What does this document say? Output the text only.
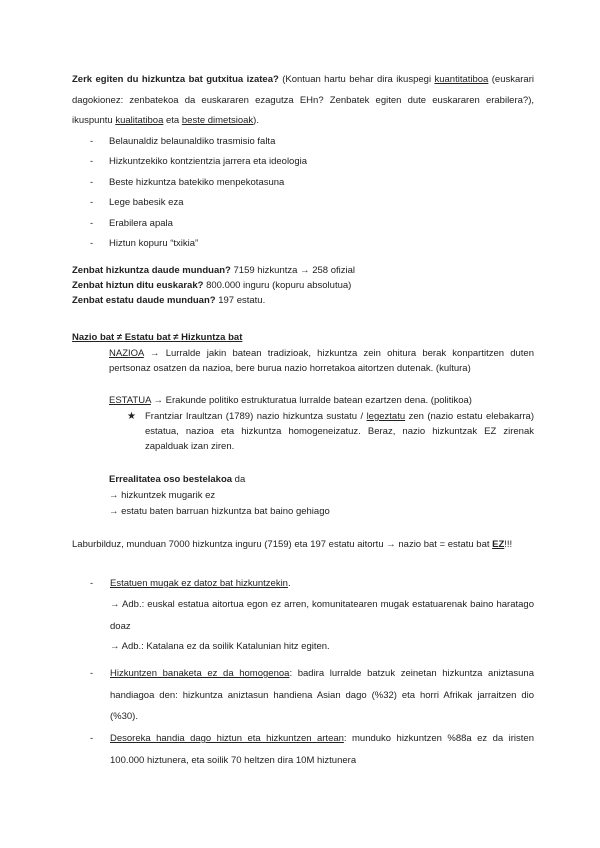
Zerk egiten du hizkuntza bat gutxitua izatea? (Kontuan hartu behar dira ikuspegi kuantitatiboa (euskarari dagokionez: zenbatekoa da euskararen ezagutza EHn? Zenbatek egiten dute euskararen erabilera?), ikuspuntu kualitatiboa eta beste dimetsioak).
- Belaunaldiz belaunaldiko trasmisio falta
- Hizkuntzekiko kontzientzia jarrera eta ideologia
- Beste hizkuntza batekiko menpekotasuna
- Lege babesik eza
- Erabilera apala
- Hiztun kopuru “txikia”
Zenbat hizkuntza daude munduan? 7159 hizkuntza → 258 ofizial
Zenbat hiztun ditu euskarak? 800.000 inguru (kopuru absolutua)
Zenbat estatu daude munduan? 197 estatu.
Nazio bat ≠ Estatu bat ≠ Hizkuntza bat
NAZIOA → Lurralde jakin batean tradizioak, hizkuntza zein ohitura berak konpartitzen duten pertsonaz osatzen da nazioa, bere burua nazio horretakoa aitortzen dutenak. (kultura)
ESTATUA → Erakunde politiko estrukturatua lurralde batean ezartzen dena. (politikoa)
★ Frantziar Iraultzan (1789) nazio hizkuntza sustatu / legeztatu zen (nazio estatu elebakarra) estatua, nazioa eta hizkuntza homogeneizatuz. Beraz, nazio hizkuntzak EZ zirenak zapalduak izan ziren.
Errealitatea oso bestelakoa da
→ hizkuntzek mugarik ez
→ estatu baten barruan hizkuntza bat baino gehiago
Laburbilduz, munduan 7000 hizkuntza inguru (7159) eta 197 estatu aitortu → nazio bat = estatu bat EZ!!!
- Estatuen mugak ez datoz bat hizkuntzekin.
→ Adb.: euskal estatua aitortua egon ez arren, komunitatearen mugak estatuarenak baino haratago doaz
→ Adb.: Katalana ez da soilik Katalunian hitz egiten.
- Hizkuntzen banaketa ez da homogenoa: badira lurralde batzuk zeinetan hizkuntza aniztasuna handiagoa den: hizkuntza aniztasun handiena Asian dago (%32) eta horri Afrikak jarraitzen dio (%30).
- Desoreka handia dago hiztun eta hizkuntzen artean: munduko hizkuntzen %88a ez da iristen 100.000 hiztunera, eta soilik 70 heltzen dira 10M hiztunera
